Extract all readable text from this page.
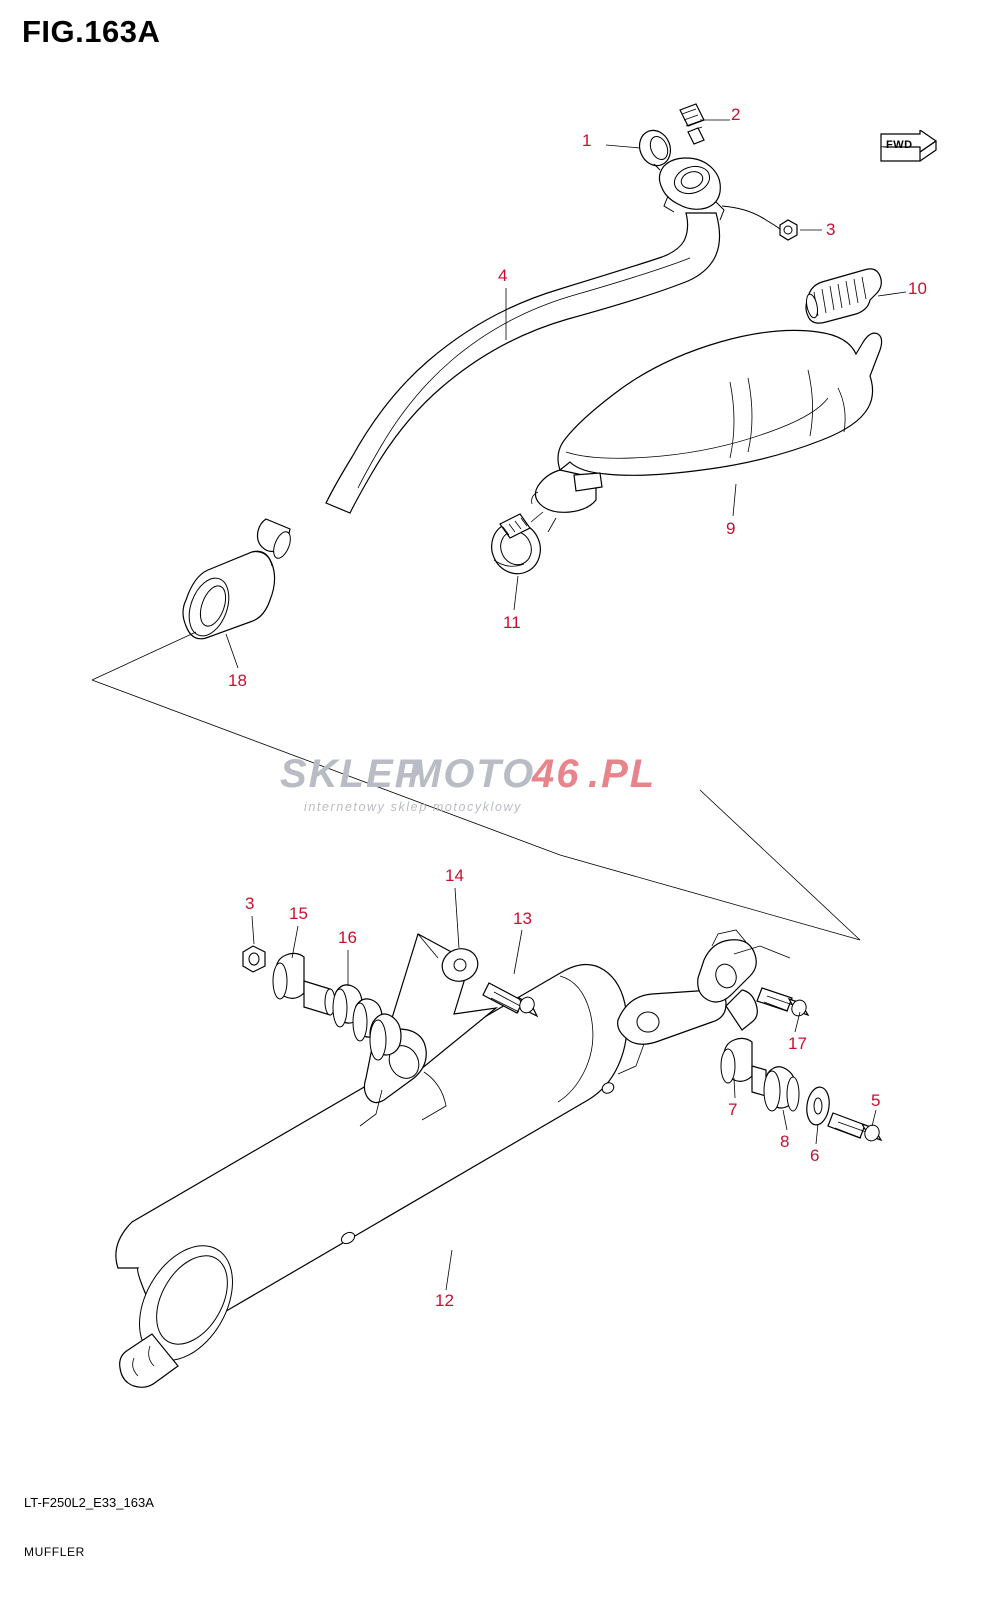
FIG.163A
FWD
1
2
3
4
10
9
11
18
3
15
16
14
13
17
7
8
6
5
12
SKLEP
MOTO
46 .PL
internetowy sklep motocyklowy
LT-F250L2_E33_163A
MUFFLER
